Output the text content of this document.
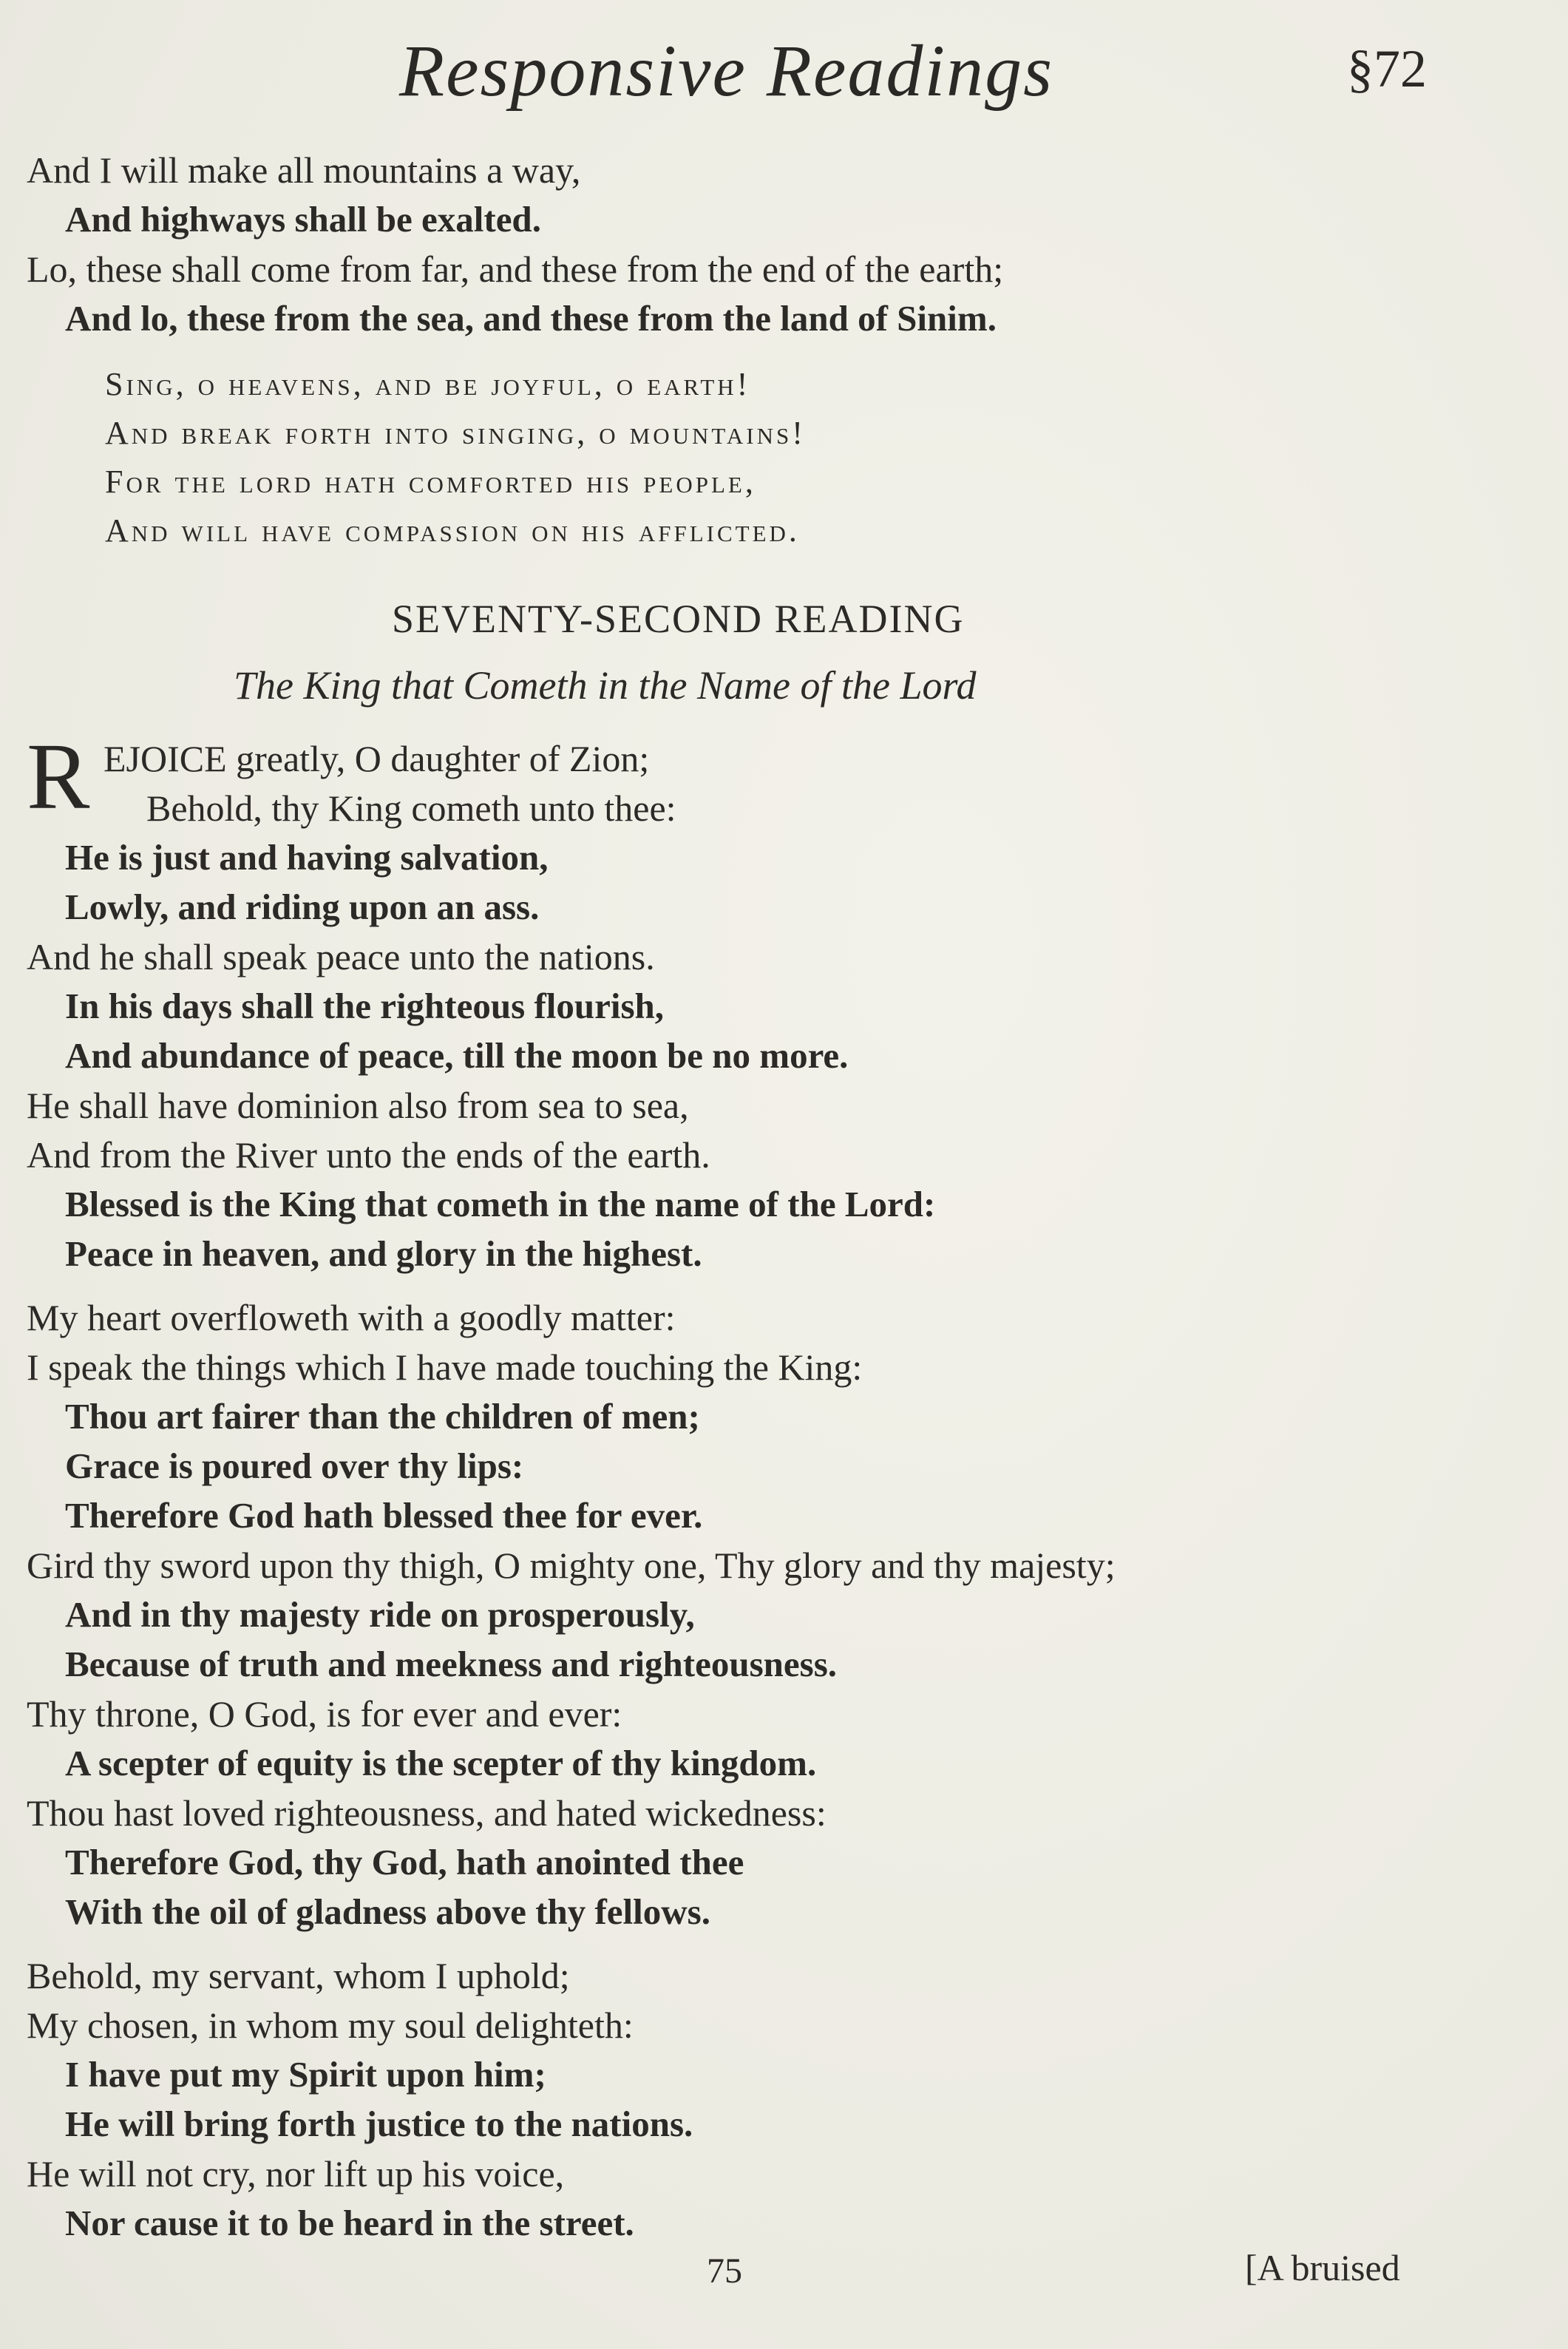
Responsive Readings	§72
And I will make all mountains a way,
And highways shall be exalted.
Lo, these shall come from far, and these from the end of the earth;
And lo, these from the sea, and these from the land of Sinim.
Sing, o heavens, and be joyful, o earth!
And break forth into singing, o mountains!
For the lord hath comforted his people,
And will have compassion on his afflicted.
SEVENTY-SECOND READING
The King that Cometh in the Name of the Lord
R EJOICE greatly, O daughter of Zion;
Behold, thy King cometh unto thee:
He is just and having salvation,
Lowly, and riding upon an ass.
And he shall speak peace unto the nations.
In his days shall the righteous flourish,
And abundance of peace, till the moon be no more.
He shall have dominion also from sea to sea,
And from the River unto the ends of the earth.
Blessed is the King that cometh in the name of the Lord:
Peace in heaven, and glory in the highest.
My heart overfloweth with a goodly matter:
I speak the things which I have made touching the King:
Thou art fairer than the children of men;
Grace is poured over thy lips:
Therefore God hath blessed thee for ever.
Gird thy sword upon thy thigh, O mighty one, Thy glory and thy majesty;
And in thy majesty ride on prosperously,
Because of truth and meekness and righteousness.
Thy throne, O God, is for ever and ever:
A scepter of equity is the scepter of thy kingdom.
Thou hast loved righteousness, and hated wickedness:
Therefore God, thy God, hath anointed thee
With the oil of gladness above thy fellows.
Behold, my servant, whom I uphold;
My chosen, in whom my soul delighteth:
I have put my Spirit upon him;
He will bring forth justice to the nations.
He will not cry, nor lift up his voice,
Nor cause it to be heard in the street.
75	[A bruised
